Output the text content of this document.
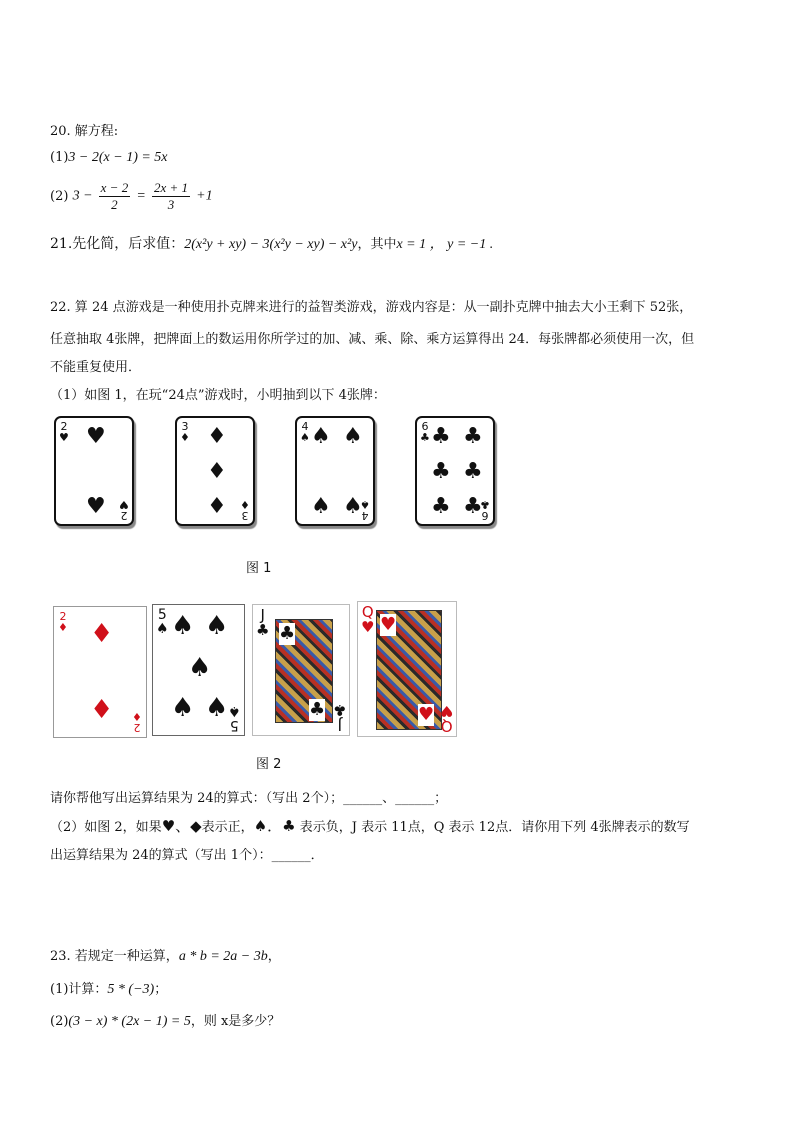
20. 解方程:
(1)3 − 2(x − 1) = 5x
(2) $3 - \frac{x - 2}{2} = \frac{2x + 1}{3} +1$
21.先化简，后求值：2(x²y + xy) − 3(x²y − xy) − x²y，其中x = 1 ， y = −1 .
22. 算 24 点游戏是一种使用扑克牌来进行的益智类游戏，游戏内容是：从一副扑克牌中抽去大小王剩下 52张，
任意抽取 4张牌，把牌面上的数运用你所学过的加、减、乘、除、乘方运算得出 24．每张牌都必须使用一次，但
不能重复使用．
（1）如图 1，在玩“24点”游戏时，小明抽到以下 4张牌：
2
♥ ♥
♥ 2
♥
3
♦ ♦
♦
♦ 3
♦
4
♠ ♠ ♠
♠ ♠
4
♠
6
♣ ♣ ♣
♣ ♣
♣ ♣
6
♣
图 1
2
♦ ♦
♦
2
♦
5
♠ ♠ ♠
♠
♠ ♠
5
♠
J
♣ ♣
♣
J
♣
Q
♥ ♥
♥
Q
♥
图 2
请你帮他写出运算结果为 24的算式：（写出 2个）；______、______；
（2）如图 2，如果♥、◆表示正，♠．♣ 表示负，J 表示 11点，Q 表示 12点．请你用下列 4张牌表示的数写
出运算结果为 24的算式（写出 1个）：______．
23. 若规定一种运算，a * b = 2a − 3b，
(1)计算：5 * (−3)；
(2)(3 − x) * (2x − 1) = 5，则 x是多少？
